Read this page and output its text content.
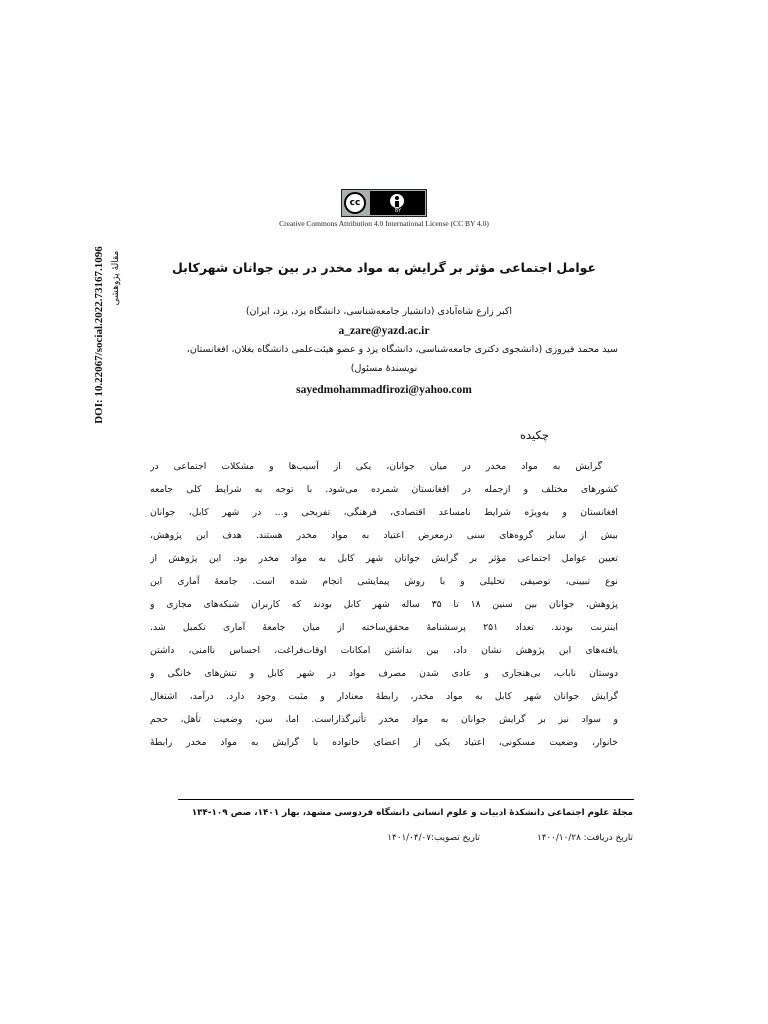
cc
BY
Creative Commons Attribution 4.0 International License (CC BY 4.0)
DOI: 10.22067/social.2022.73167.1096 مقالهٔ پژوهشی	عوامل اجتماعی مؤثر بر گرایش به مواد مخدر در بین جوانان شهرکابل
اکبر زارع شاه‌آبادی (دانشیار جامعه‌شناسی، دانشگاه یزد، یزد، ایران)
a_zare@yazd.ac.ir
سید محمد فیروزی (دانشجوی دکتری جامعه‌شناسی، دانشگاه یزد و عضو هیئت‌علمی دانشگاه بغلان، افغانستان،
نویسندهٔ مسئول)
sayedmohammadfirozi@yahoo.com
چکیده
گرایش به مواد مخدر در میان جوانان، یکی از آسیب‌ها و مشکلات اجتماعی در
کشورهای مختلف و ازجمله در افغانستان شمرده می‌شود. با توجه به شرایط کلی جامعه
افغانستان و به‌ویژه شرایط نامساعد اقتصادی، فرهنگی، تفریحی و... در شهر کابل، جوانان
بیش از سایر گروه‌های سنی درمعرض اعتیاد به مواد مخدر هستند. هدف این پژوهش،
تعیین عوامل اجتماعی مؤثر بر گرایش جوانان شهر کابل به مواد مخدر بود. این پژوهش از
نوع تبیینی، توصیفی تحلیلی و با روش پیمایشی انجام شده است. جامعهٔ آماری این
پژوهش، جوانان بین سنین ۱۸ تا ۳۵ ساله شهر کابل بودند که کاربران شبکه‌های مجازی و
اینترنت بودند. تعداد ۲۵۱ پرسشنامهٔ محقق‌ساخته از میان جامعهٔ آماری تکمیل شد.
یافته‌های این پژوهش نشان داد، بین نداشتن امکانات اوقات‌فراغت، احساس ناامنی، داشتن
دوستان ناباب، بی‌هنجاری و عادی شدن مصرف مواد در شهر کابل و تنش‌های خانگی و
گرایش جوانان شهر کابل به مواد مخدر، رابطهٔ معنادار و مثبت وجود دارد. درآمد، اشتغال
و سواد نیز بر گرایش جوانان به مواد مخدر تأثیرگذاراست. اما، سن، وضعیت تأهل، حجم
خانوار، وضعیت مسکونی، اعتیاد یکی از اعضای خانواده با گرایش به مواد مخدر رابطهٔ
مجلهٔ علوم اجتماعی دانشکدهٔ ادبیات و علوم انسانی دانشگاه فردوسی مشهد، بهار ۱۴۰۱، صص ۱۰۹-۱۳۴
تاریخ دریافت: ۱۴۰۰/۱۰/۲۸
تاریخ تصویب:۱۴۰۱/۰۴/۰۷
